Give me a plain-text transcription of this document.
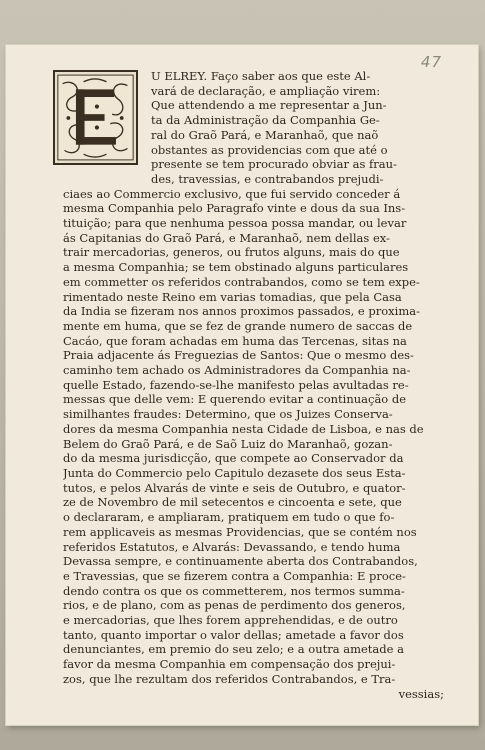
47
U ELREY. Faço saber aos que este Al-
vará de declaração, e ampliação virem:
Que attendendo a me representar a Jun-
ta da Administração da Companhia Ge-
ral do Graõ Pará, e Maranhaõ, que naõ
obstantes as providencias com que até o
presente se tem procurado obviar as frau-
des, travessias, e contrabandos prejudi-
ciaes ao Commercio exclusivo, que fui servido conceder á
mesma Companhia pelo Paragrafo vinte e dous da sua Ins-
tituição; para que nenhuma pessoa possa mandar, ou levar
ás Capitanias do Graõ Pará, e Maranhaõ, nem dellas ex-
trair mercadorias, generos, ou frutos alguns, mais do que
a mesma Companhia; se tem obstinado alguns particulares
em commetter os referidos contrabandos, como se tem expe-
rimentado neste Reino em varias tomadias, que pela Casa
da India se fizeram nos annos proximos passados, e proxima-
mente em huma, que se fez de grande numero de saccas de
Cacáo, que foram achadas em huma das Tercenas, sitas na
Praia adjacente ás Freguezias de Santos: Que o mesmo des-
caminho tem achado os Administradores da Companhia na-
quelle Estado, fazendo-se-lhe manifesto pelas avultadas re-
messas que delle vem: E querendo evitar a continuação de
similhantes fraudes: Determino, que os Juizes Conserva-
dores da mesma Companhia nesta Cidade de Lisboa, e nas de
Belem do Graõ Pará, e de Saõ Luiz do Maranhaõ, gozan-
do da mesma jurisdicção, que compete ao Conservador da
Junta do Commercio pelo Capitulo dezasete dos seus Esta-
tutos, e pelos Alvarás de vinte e seis de Outubro, e quator-
ze de Novembro de mil setecentos e cincoenta e sete, que
o declararam, e ampliaram, pratiquem em tudo o que fo-
rem applicaveis as mesmas Providencias, que se contém nos
referidos Estatutos, e Alvarás: Devassando, e tendo huma
Devassa sempre, e continuamente aberta dos Contrabandos,
e Travessias, que se fizerem contra a Companhia: E proce-
dendo contra os que os commetterem, nos termos summa-
rios, e de plano, com as penas de perdimento dos generos,
e mercadorias, que lhes forem apprehendidas, e de outro
tanto, quanto importar o valor dellas; ametade a favor dos
denunciantes, em premio do seu zelo; e a outra ametade a
favor da mesma Companhia em compensação dos prejui-
zos, que lhe rezultam dos referidos Contrabandos, e Tra-
vessias;
